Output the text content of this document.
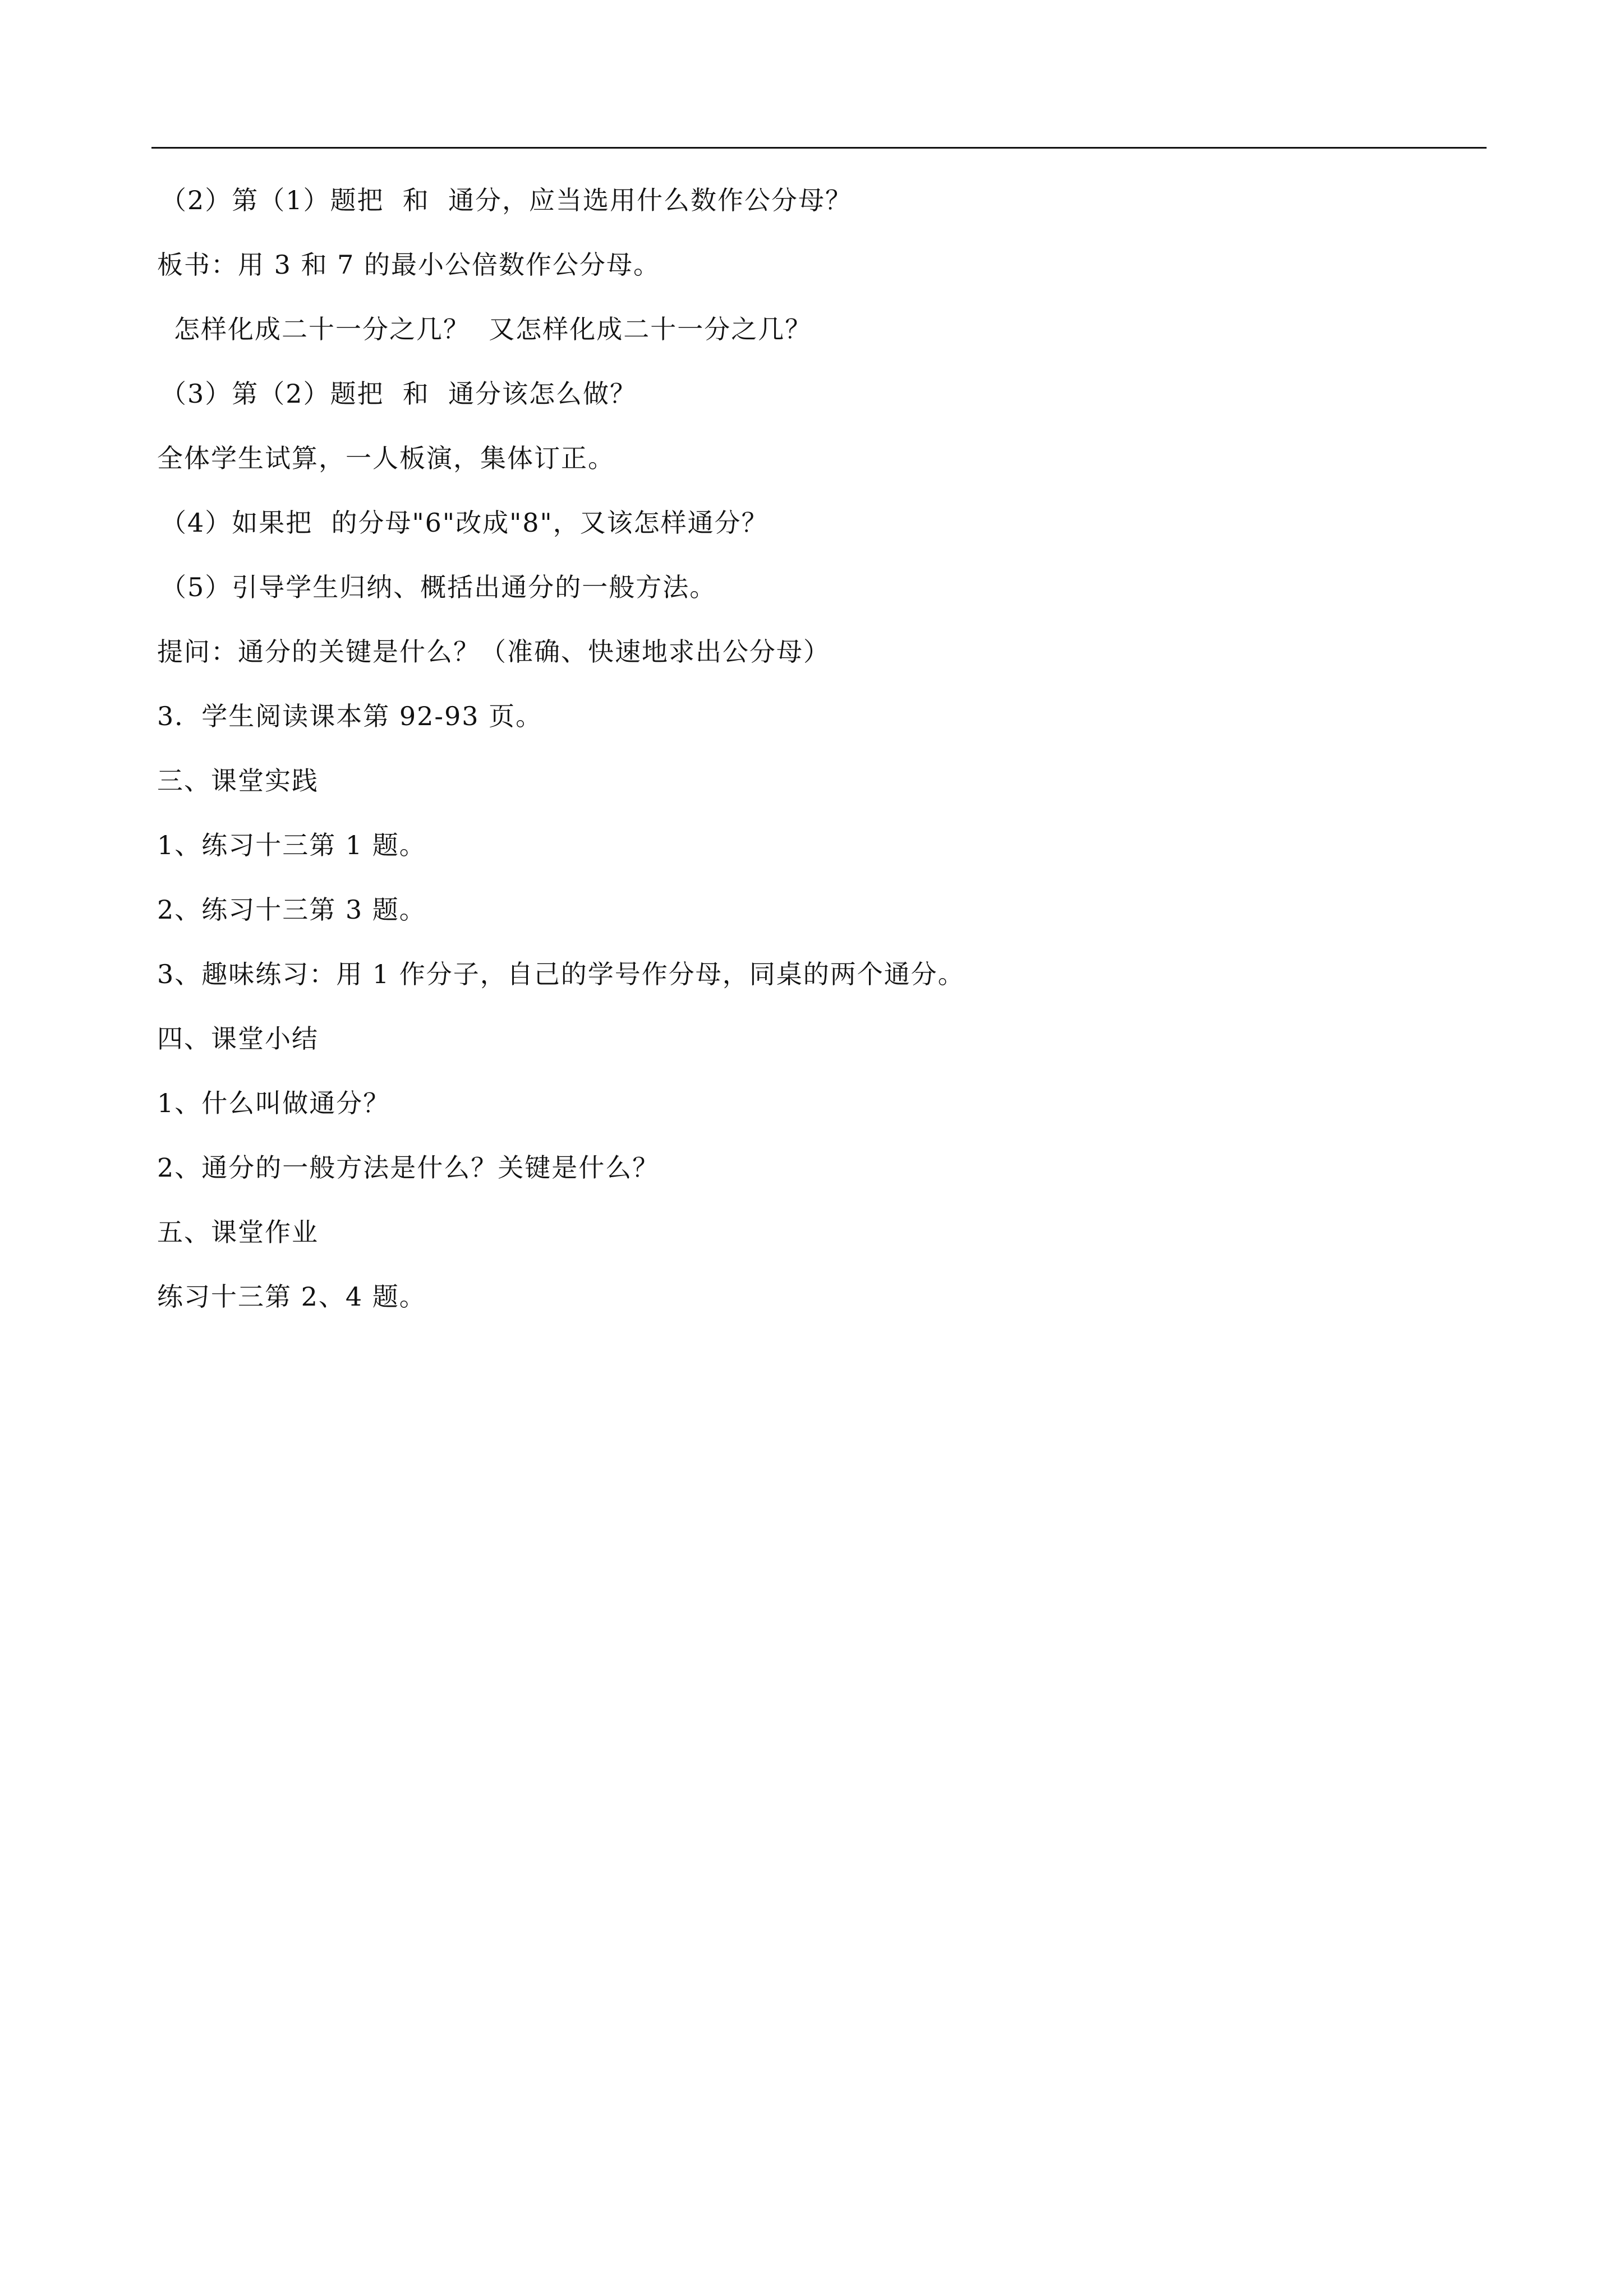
（2）第（1）题把  和  通分，应当选用什么数作公分母？
板书：用 3 和 7 的最小公倍数作公分母。
怎样化成二十一分之几？  又怎样化成二十一分之几？
（3）第（2）题把  和  通分该怎么做？
全体学生试算，一人板演，集体订正。
（4）如果把  的分母"6"改成"8"，又该怎样通分？
（5）引导学生归纳、概括出通分的一般方法。
提问：通分的关键是什么？（准确、快速地求出公分母）
3．学生阅读课本第 92-93 页。
三、课堂实践
1、练习十三第 1 题。
2、练习十三第 3 题。
3、趣味练习：用 1 作分子，自己的学号作分母，同桌的两个通分。
四、课堂小结
1、什么叫做通分？
2、通分的一般方法是什么？关键是什么？
五、课堂作业
练习十三第 2、4 题。
